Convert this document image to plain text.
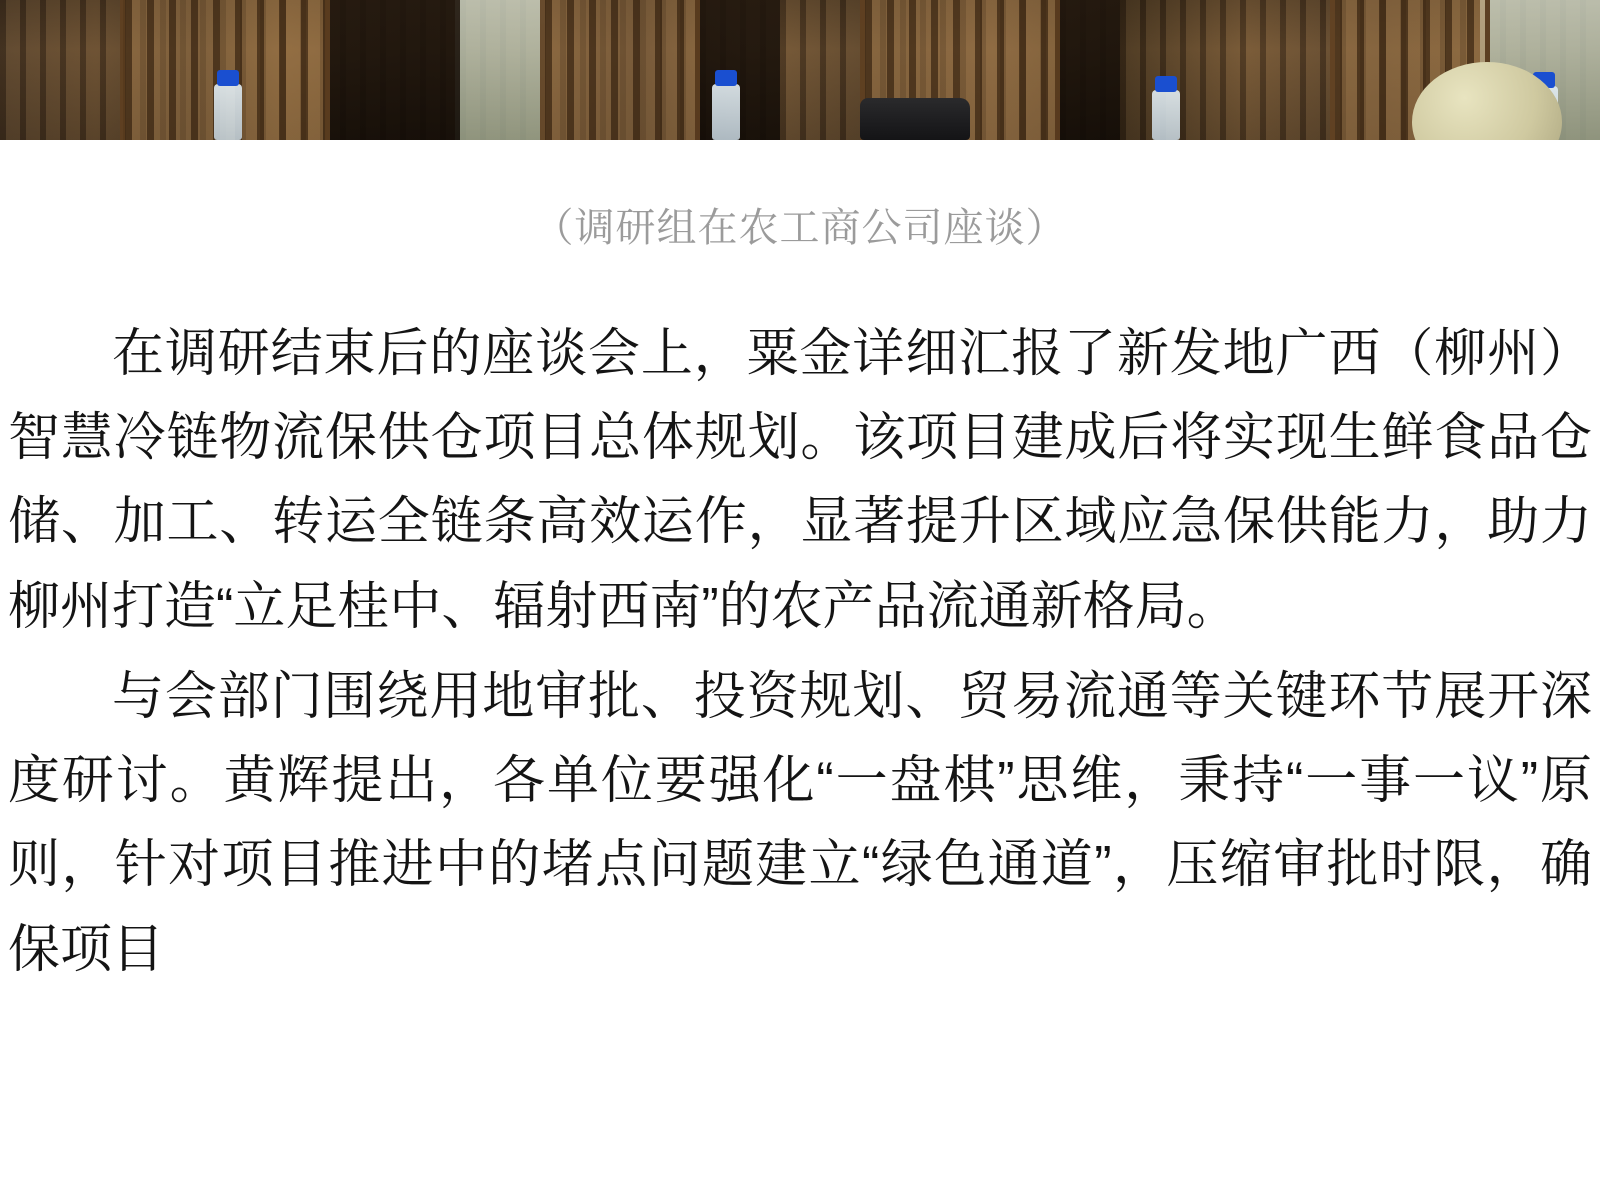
（调研组在农工商公司座谈）

在调研结束后的座谈会上，粟金详细汇报了新发地广西（柳州）智慧冷链物流保供仓项目总体规划。该项目建成后将实现生鲜食品仓储、加工、转运全链条高效运作，显著提升区域应急保供能力，助力柳州打造“立足桂中、辐射西南”的农产品流通新格局。

与会部门围绕用地审批、投资规划、贸易流通等关键环节展开深度研讨。黄辉提出，各单位要强化“一盘棋”思维，秉持“一事一议”原则，针对项目推进中的堵点问题建立“绿色通道”，压缩审批时限，确保项目
